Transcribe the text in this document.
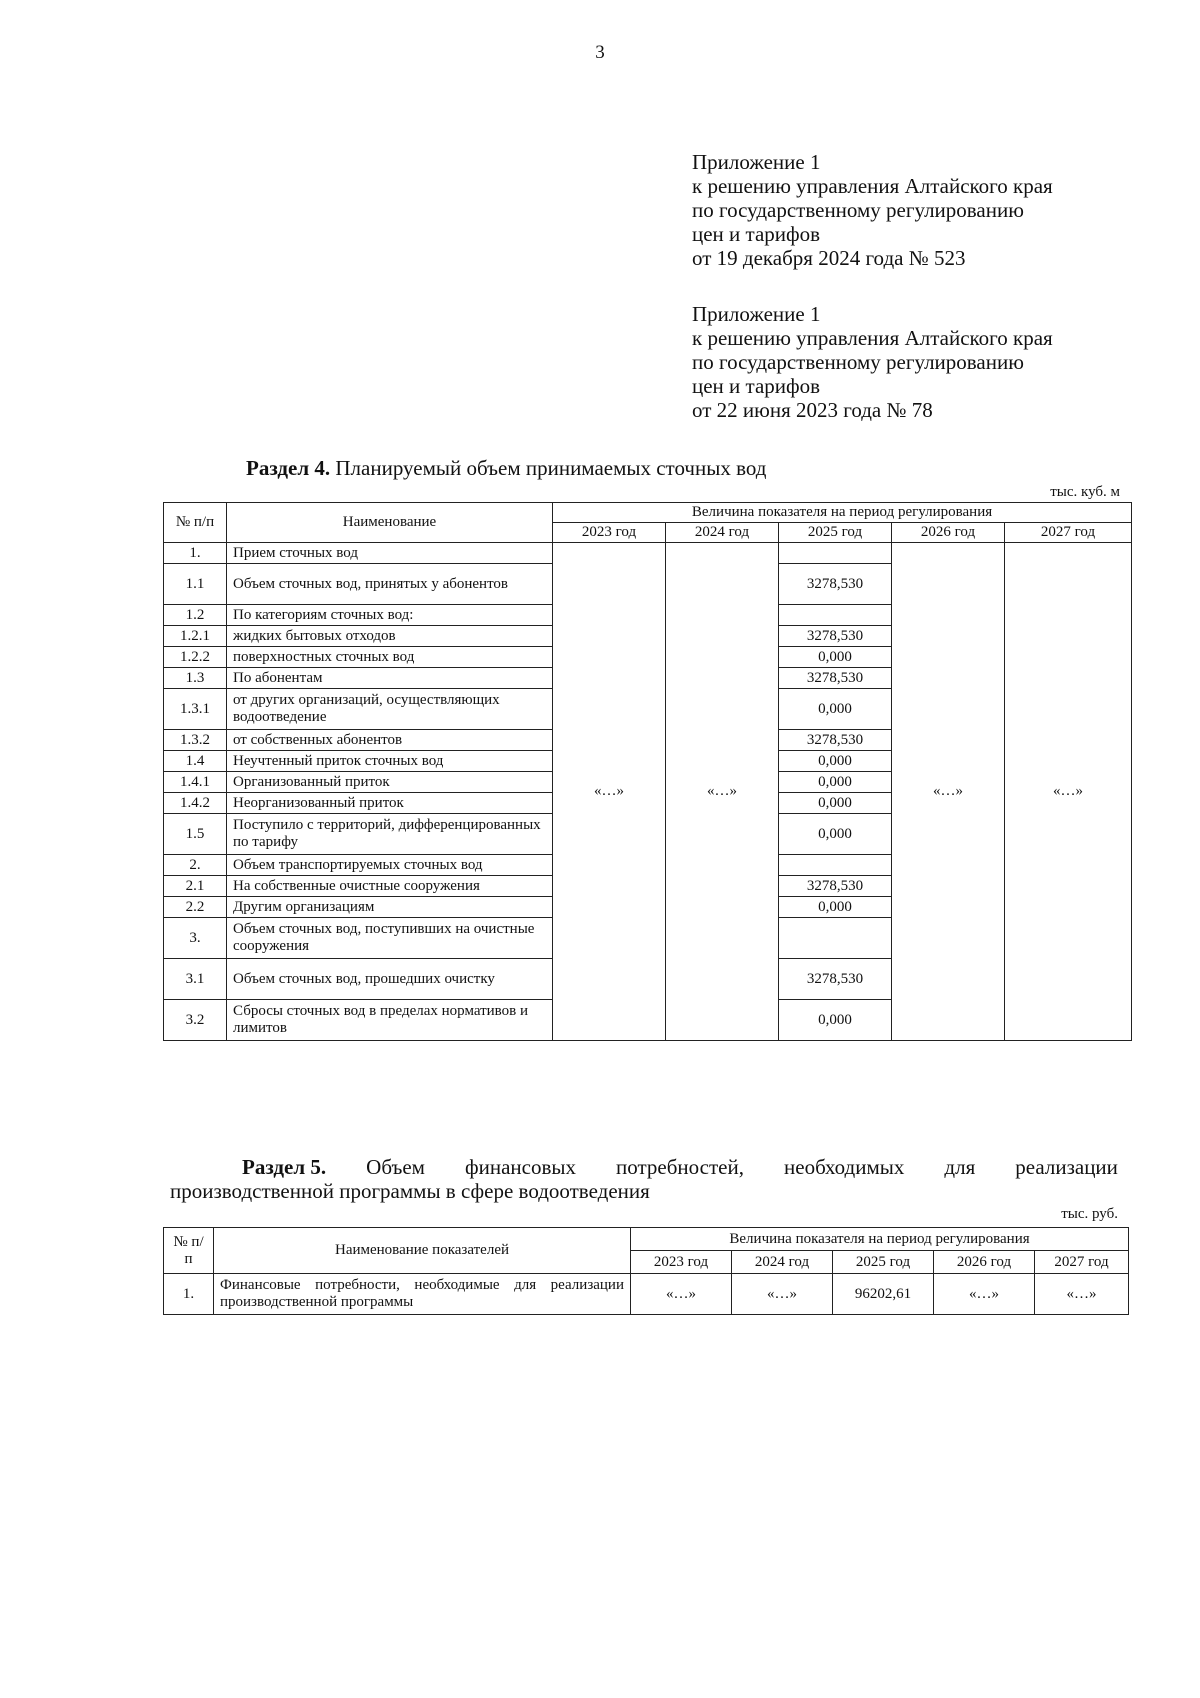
3
Приложение 1
к решению управления Алтайского края
по государственному регулированию
цен и тарифов
от 19 декабря 2024 года № 523
Приложение 1
к решению управления Алтайского края
по государственному регулированию
цен и тарифов
от 22 июня 2023 года № 78
Раздел 4. Планируемый объем принимаемых сточных вод
тыс. куб. м
№ п/п	Наименование	Величина показателя на период регулирования				
		2023 год	2024 год	2025 год	2026 год	2027 год
1.	Прием сточных вод	«…»	«…»		«…»	«…»
1.1	Объем сточных вод, принятых у абонентов			3278,530		
1.2	По категориям сточных вод:					
1.2.1	жидких бытовых отходов			3278,530		
1.2.2	поверхностных сточных вод			0,000		
1.3	По абонентам			3278,530		
1.3.1	от других организаций, осуществляющих водоотведение			0,000		
1.3.2	от собственных абонентов			3278,530		
1.4	Неучтенный приток сточных вод			0,000		
1.4.1	Организованный приток			0,000		
1.4.2	Неорганизованный приток			0,000		
1.5	Поступило с территорий, дифференцированных по тарифу			0,000		
2.	Объем транспортируемых сточных вод					
2.1	На собственные очистные сооружения			3278,530		
2.2	Другим организациям			0,000		
3.	Объем сточных вод, поступивших на очистные сооружения					
3.1	Объем сточных вод, прошедших очистку			3278,530		
3.2	Сбросы сточных вод в пределах нормативов и лимитов			0,000		
Раздел 5. Объем финансовых потребностей, необходимых для реализации
производственной программы в сфере водоотведения
тыс. руб.
№ п/п	Наименование показателей	Величина показателя на период регулирования				
		2023 год	2024 год	2025 год	2026 год	2027 год
1.	Финансовые потребности, необходимые для реализации производственной программы	«…»	«…»	96202,61	«…»	«…»
